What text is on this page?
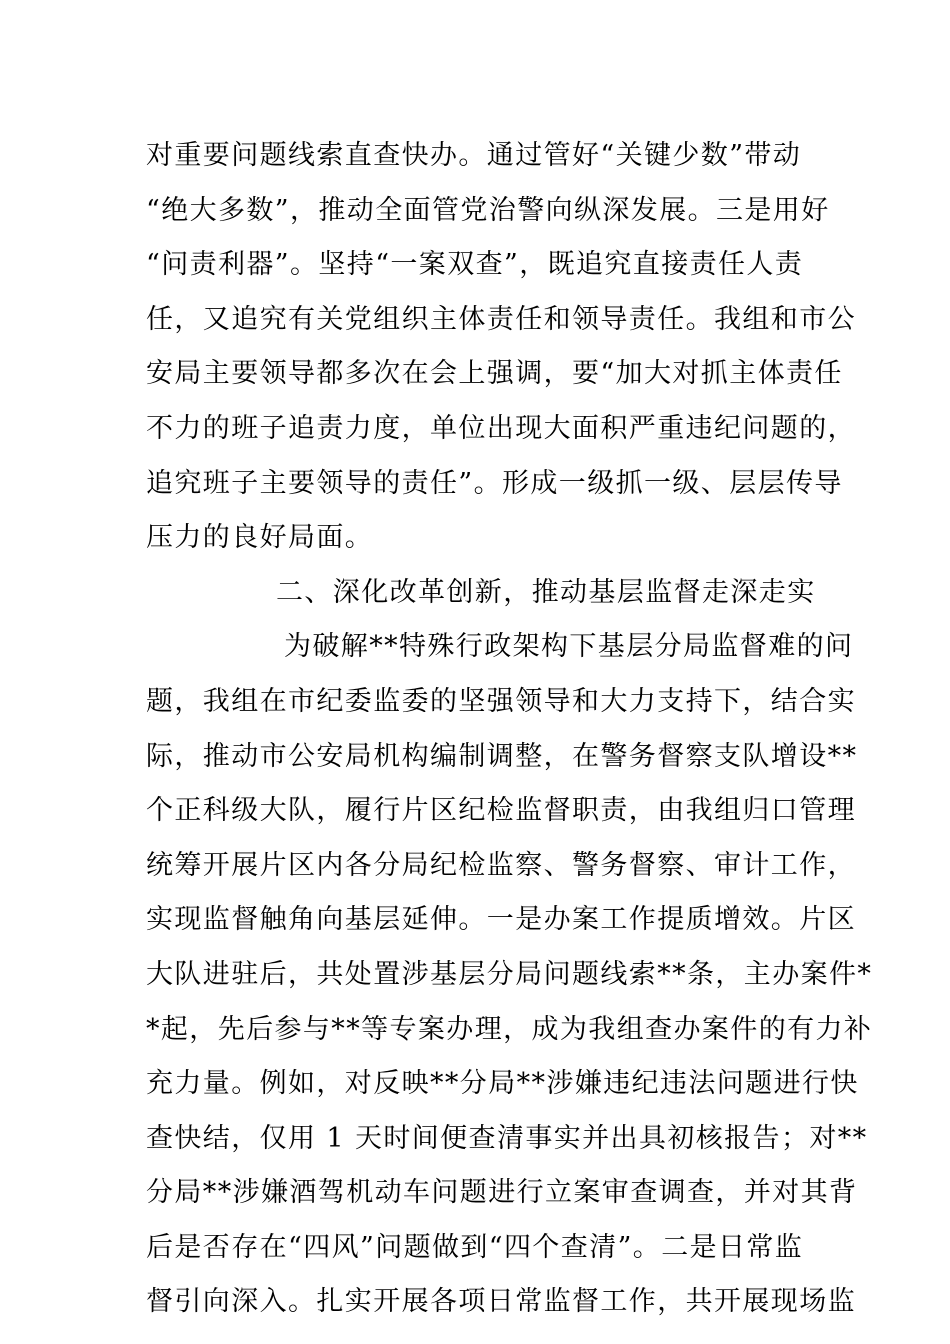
对重要问题线索直查快办。通过管好“关键少数”带动
“绝大多数”，推动全面管党治警向纵深发展。三是用好
“问责利器”。坚持“一案双查”，既追究直接责任人责
任，又追究有关党组织主体责任和领导责任。我组和市公
安局主要领导都多次在会上强调，要“加大对抓主体责任
不力的班子追责力度，单位出现大面积严重违纪问题的，
追究班子主要领导的责任”。形成一级抓一级、层层传导
压力的良好局面。
二、深化改革创新，推动基层监督走深走实
为破解**特殊行政架构下基层分局监督难的问
题，我组在市纪委监委的坚强领导和大力支持下，结合实
际，推动市公安局机构编制调整，在警务督察支队增设**
个正科级大队，履行片区纪检监督职责，由我组归口管理
统筹开展片区内各分局纪检监察、警务督察、审计工作，
实现监督触角向基层延伸。一是办案工作提质增效。片区
大队进驻后，共处置涉基层分局问题线索**条，主办案件*
*起，先后参与**等专案办理，成为我组查办案件的有力补
充力量。例如，对反映**分局**涉嫌违纪违法问题进行快
查快结，仅用 1 天时间便查清事实并出具初核报告；对**
分局**涉嫌酒驾机动车问题进行立案审查调查，并对其背
后是否存在“四风”问题做到“四个查清”。二是日常监
督引向深入。扎实开展各项日常监督工作，共开展现场监
